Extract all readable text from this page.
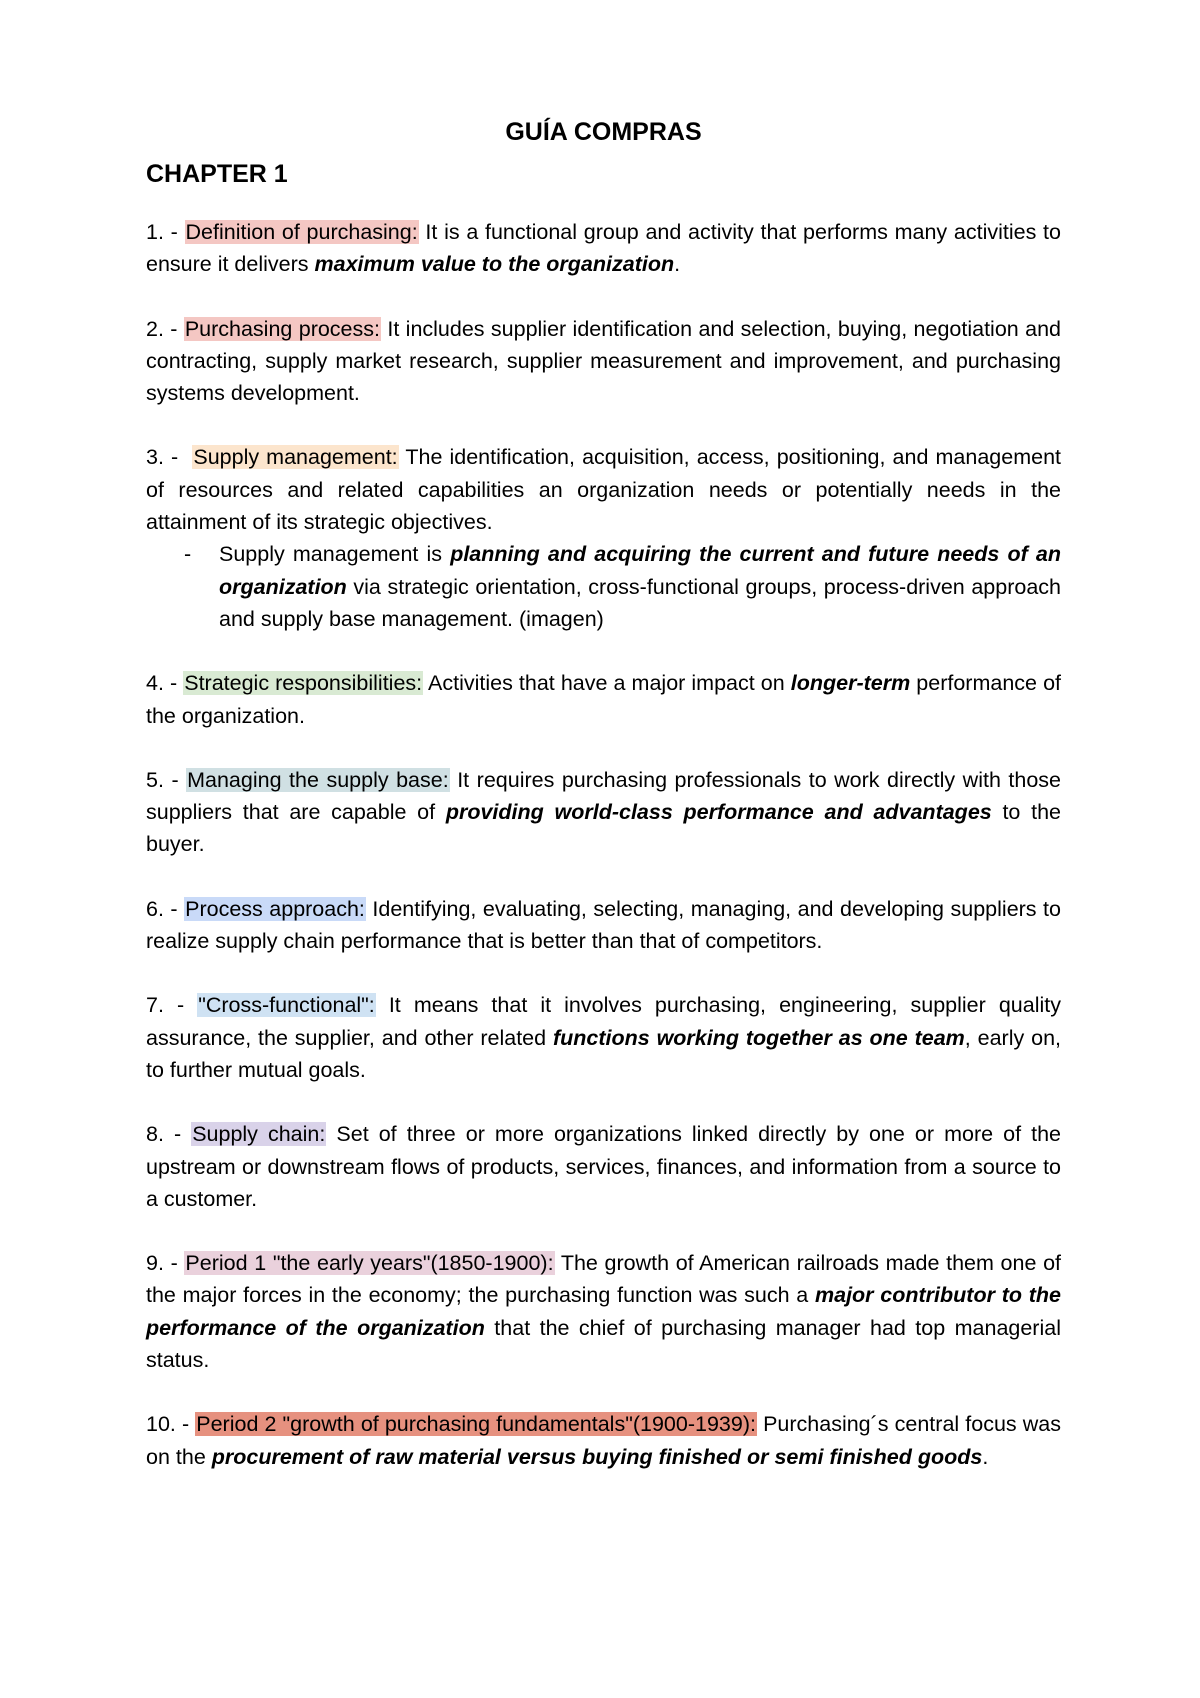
GUÍA COMPRAS
CHAPTER 1
1. - Definition of purchasing: It is a functional group and activity that performs many activities to ensure it delivers maximum value to the organization.
2. - Purchasing process: It includes supplier identification and selection, buying, negotiation and contracting, supply market research, supplier measurement and improvement, and purchasing systems development.
3. -  Supply management: The identification, acquisition, access, positioning, and management of resources and related capabilities an organization needs or potentially needs in the attainment of its strategic objectives.
- Supply management is planning and acquiring the current and future needs of an organization via strategic orientation, cross-functional groups, process-driven approach and supply base management. (imagen)

4. - Strategic responsibilities: Activities that have a major impact on longer-term performance of the organization.
5. - Managing the supply base: It requires purchasing professionals to work directly with those suppliers that are capable of providing world-class performance and advantages to the buyer.
6. - Process approach: Identifying, evaluating, selecting, managing, and developing suppliers to realize supply chain performance that is better than that of competitors.
7. - "Cross-functional": It means that it involves purchasing, engineering, supplier quality assurance, the supplier, and other related functions working together as one team, early on, to further mutual goals.
8. - Supply chain: Set of three or more organizations linked directly by one or more of the upstream or downstream flows of products, services, finances, and information from a source to a customer.
9. - Period 1 "the early years"(1850-1900): The growth of American railroads made them one of the major forces in the economy; the purchasing function was such a major contributor to the performance of the organization that the chief of purchasing manager had top managerial status.
10. - Period 2 "growth of purchasing fundamentals"(1900-1939): Purchasing´s central focus was on the procurement of raw material versus buying finished or semi finished goods.
